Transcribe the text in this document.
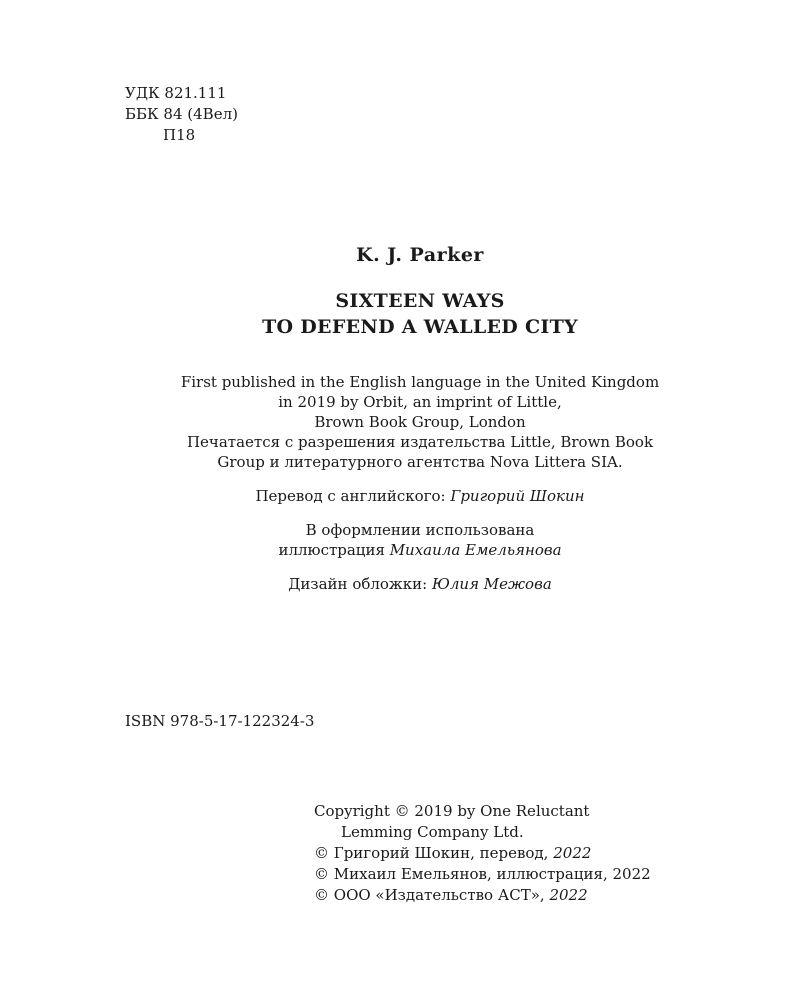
УДК 821.111
ББК 84 (4Вел)
П18
K. J. Parker
SIXTEEN WAYS
TO DEFEND A WALLED CITY
First published in the English language in the United Kingdom
in 2019 by Orbit, an imprint of Little,
Brown Book Group, London
Печатается с разрешения издательства Little, Brown Book
Group и литературного агентства Nova Littera SIA.
Перевод с английского: Григорий Шокин
В оформлении использована
иллюстрация Михаила Емельянова
Дизайн обложки: Юлия Межова
ISBN 978-5-17-122324-3
Copyright © 2019 by One Reluctant
Lemming Company Ltd.
© Григорий Шокин, перевод, 2022
© Михаил Емельянов, иллюстрация, 2022
© ООО «Издательство АСТ», 2022
